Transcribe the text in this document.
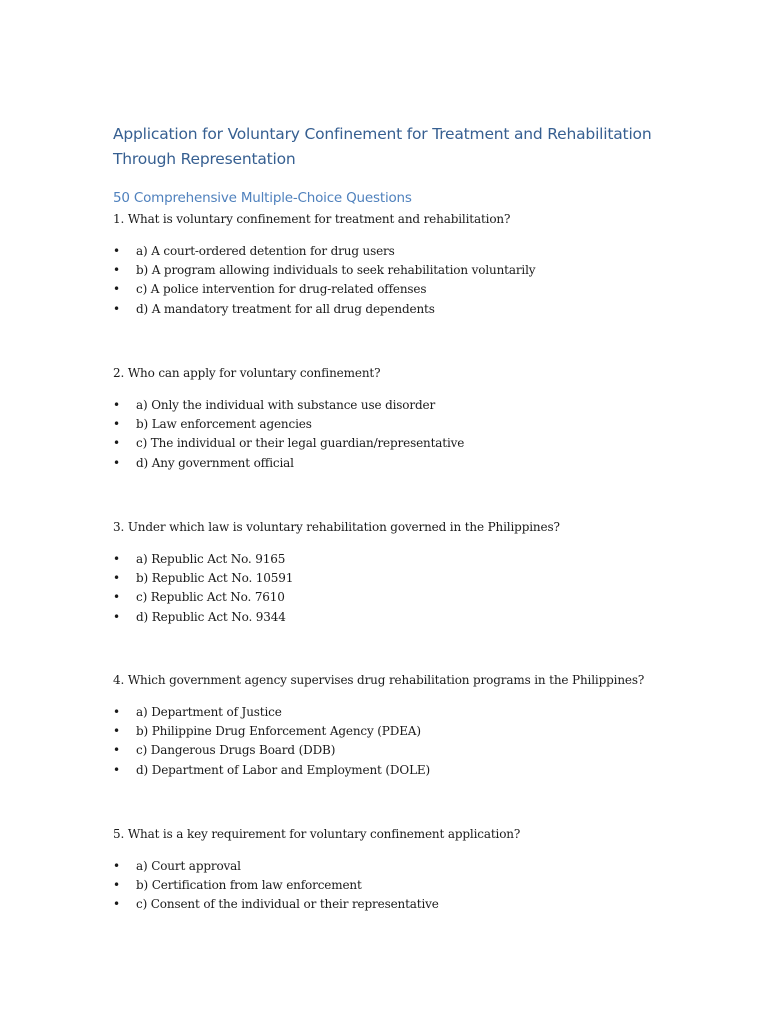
Application for Voluntary Confinement for Treatment and Rehabilitation Through Representation
50 Comprehensive Multiple-Choice Questions

1. What is voluntary confinement for treatment and rehabilitation?

• a) A court-ordered detention for drug users
• b) A program allowing individuals to seek rehabilitation voluntarily
• c) A police intervention for drug-related offenses
• d) A mandatory treatment for all drug dependents

2. Who can apply for voluntary confinement?

• a) Only the individual with substance use disorder
• b) Law enforcement agencies
• c) The individual or their legal guardian/representative
• d) Any government official

3. Under which law is voluntary rehabilitation governed in the Philippines?

• a) Republic Act No. 9165
• b) Republic Act No. 10591
• c) Republic Act No. 7610
• d) Republic Act No. 9344

4. Which government agency supervises drug rehabilitation programs in the Philippines?

• a) Department of Justice
• b) Philippine Drug Enforcement Agency (PDEA)
• c) Dangerous Drugs Board (DDB)
• d) Department of Labor and Employment (DOLE)

5. What is a key requirement for voluntary confinement application?

• a) Court approval
• b) Certification from law enforcement
• c) Consent of the individual or their representative
